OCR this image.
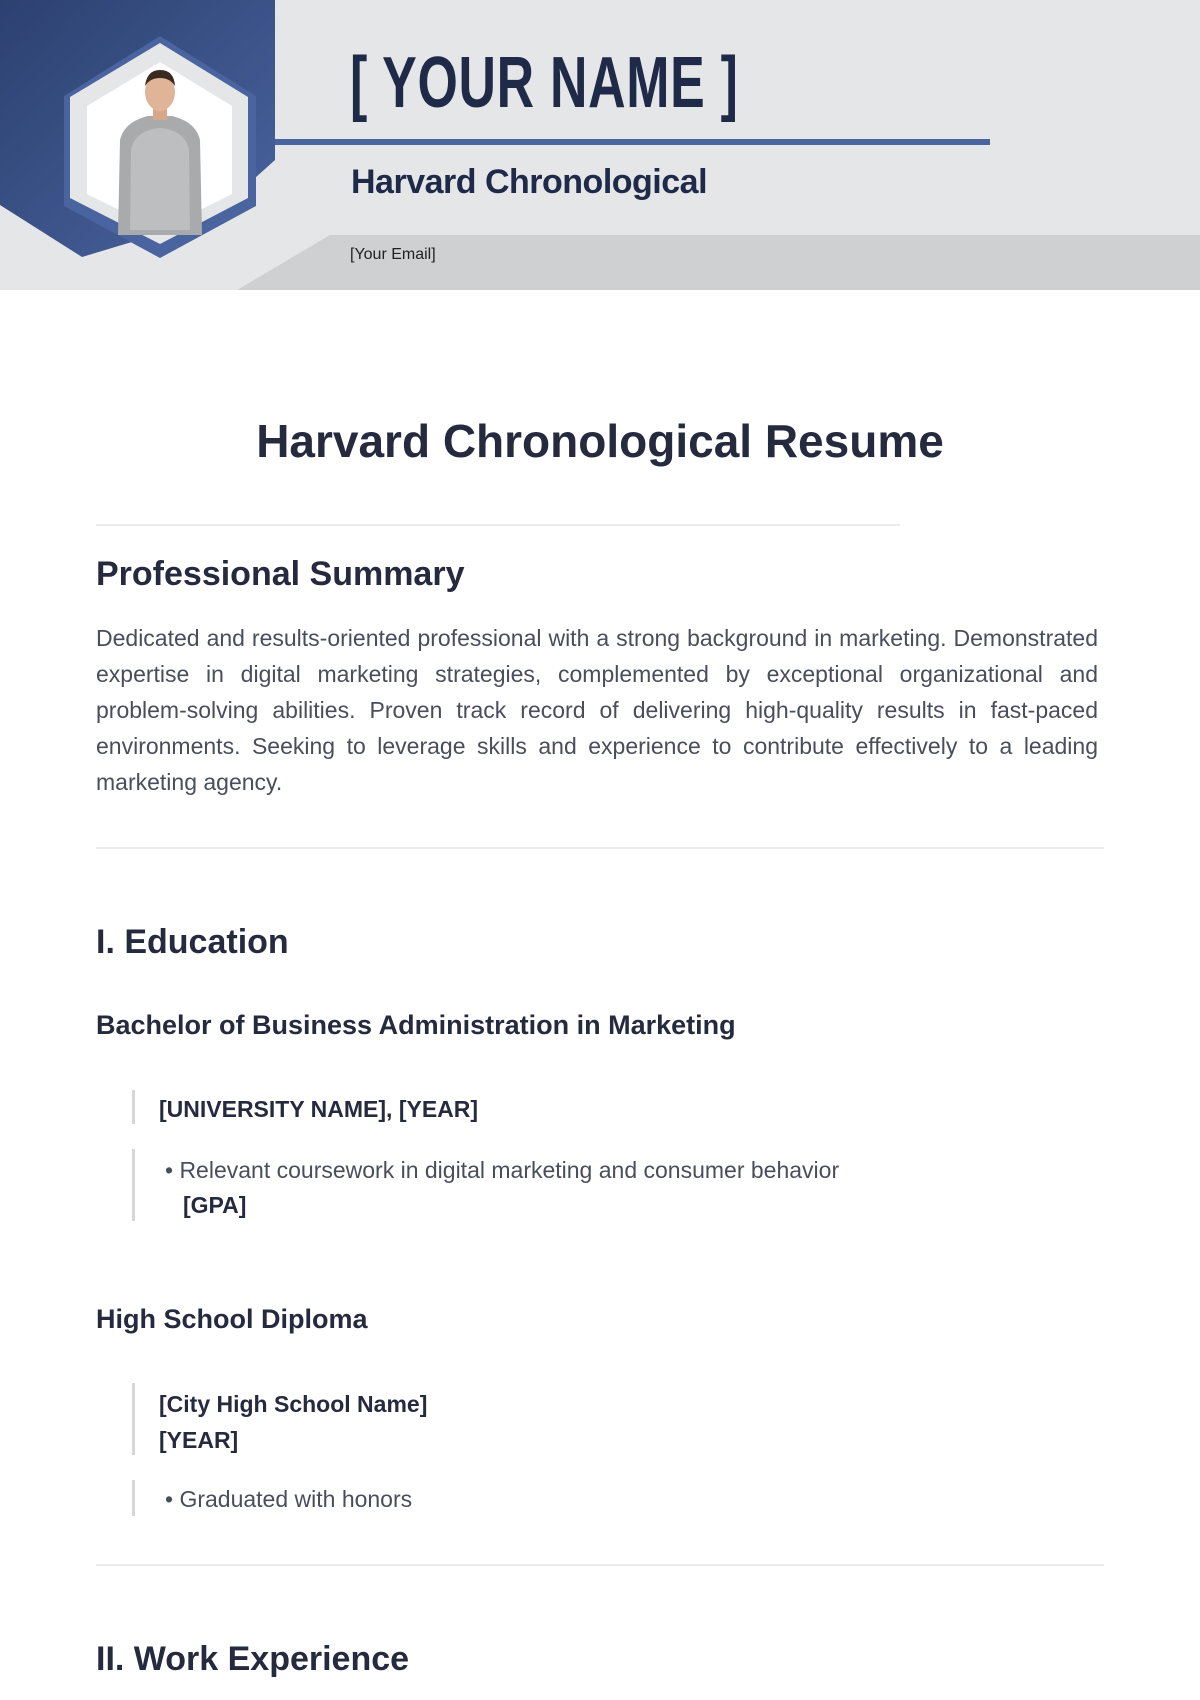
[ YOUR NAME ]
Harvard Chronological
[Your Email]
Harvard Chronological Resume
Professional Summary
Dedicated and results-oriented professional with a strong background in marketing. Demonstrated expertise in digital marketing strategies, complemented by exceptional organizational and problem-solving abilities. Proven track record of delivering high-quality results in fast-paced environments. Seeking to leverage skills and experience to contribute effectively to a leading marketing agency.
I. Education
Bachelor of Business Administration in Marketing
[UNIVERSITY NAME], [YEAR]
• Relevant coursework in digital marketing and consumer behavior
[GPA]
High School Diploma
[City High School Name]
[YEAR]
• Graduated with honors
II. Work Experience
